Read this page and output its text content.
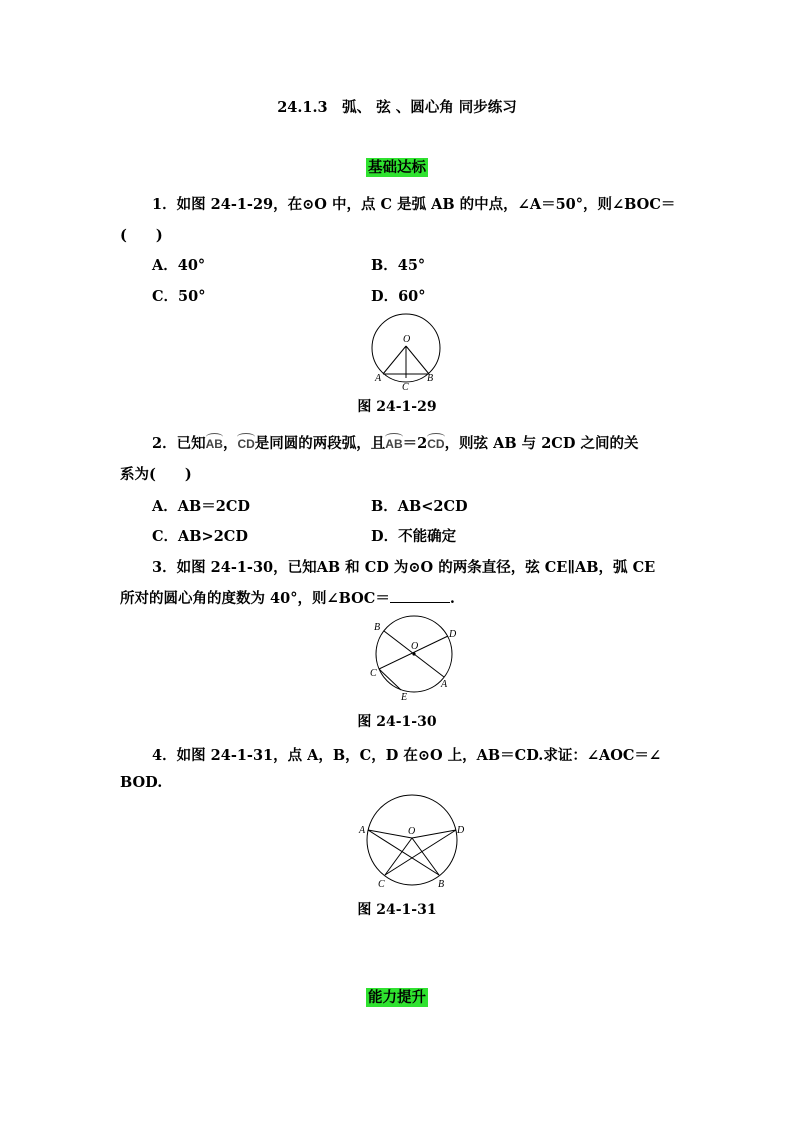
24.1.3　弧、 弦 、圆心角 同步练习
基础达标
1．如图 24-1-29，在⊙O 中，点 C 是弧 AB 的中点，∠A＝50°，则∠BOC＝
(　　)
A．40°	B．45°
C．50°	D．60°
O
A	B
C
图 24-1-29
2．已知AB，CD是同圆的两段弧，且AB＝2CD，则弦 AB 与 2CD 之间的关
系为(　　)
A．AB＝2CD	B．AB<2CD
C．AB>2CD	D．不能确定
3．如图 24-1-30，已知AB 和 CD 为⊙O 的两条直径，弦 CE∥AB，弧 CE
所对的圆心角的度数为 40°，则∠BOC＝	.
B
D
O
C
A
E
图 24-1-30
4．如图 24-1-31，点 A，B，C，D 在⊙O 上，AB＝CD.求证：∠AOC＝∠
BOD.
A	O	D
C	B
图 24-1-31
能力提升
